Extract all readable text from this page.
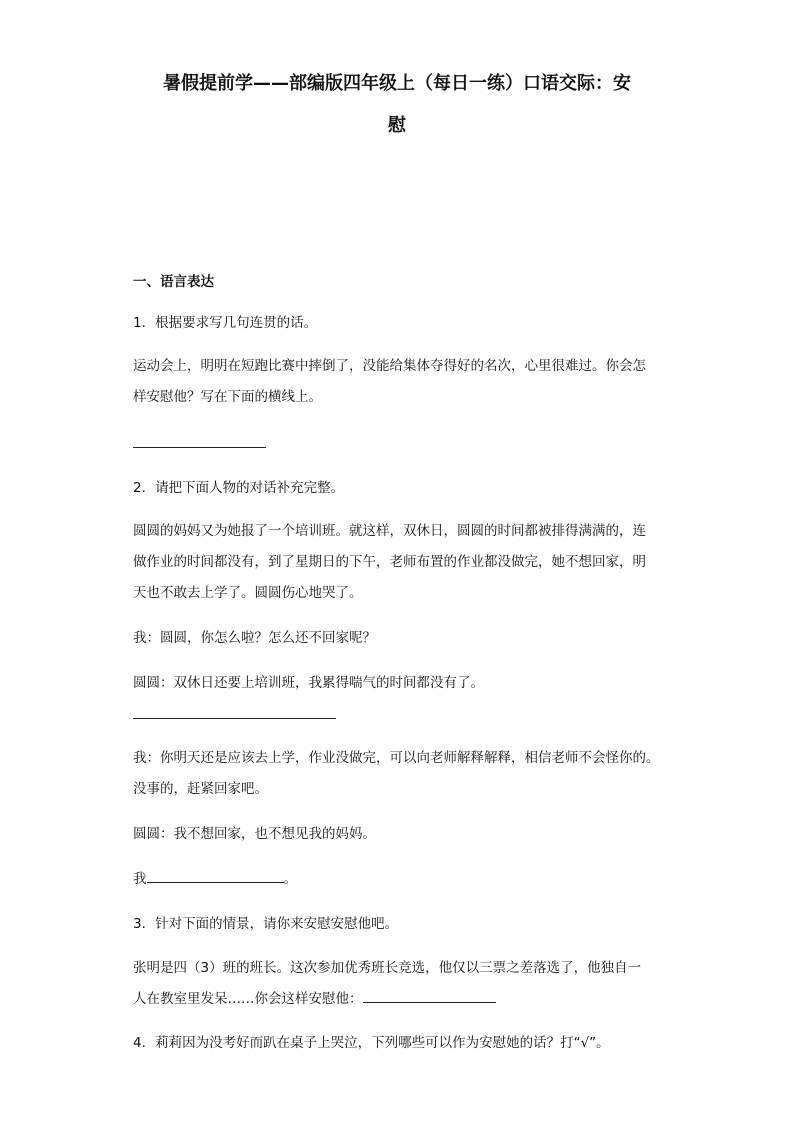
暑假提前学——部编版四年级上（每日一练）口语交际：安
慰
一、语言表达
1．根据要求写几句连贯的话。
运动会上，明明在短跑比赛中摔倒了，没能给集体夺得好的名次，心里很难过。你会怎
样安慰他？写在下面的横线上。
2．请把下面人物的对话补充完整。
圆圆的妈妈又为她报了一个培训班。就这样，双休日，圆圆的时间都被排得满满的，连
做作业的时间都没有，到了星期日的下午，老师布置的作业都没做完，她不想回家，明
天也不敢去上学了。圆圆伤心地哭了。
我：圆圆，你怎么啦？怎么还不回家呢？
圆圆：双休日还要上培训班，我累得喘气的时间都没有了。
我：你明天还是应该去上学，作业没做完，可以向老师解释解释，相信老师不会怪你的。
没事的，赶紧回家吧。
圆圆：我不想回家，也不想见我的妈妈。
我	。
3．针对下面的情景，请你来安慰安慰他吧。
张明是四（3）班的班长。这次参加优秀班长竞选，他仅以三票之差落选了，他独自一
人在教室里发呆……你会这样安慰他：
4．莉莉因为没考好而趴在桌子上哭泣，下列哪些可以作为安慰她的话？打“√”。
